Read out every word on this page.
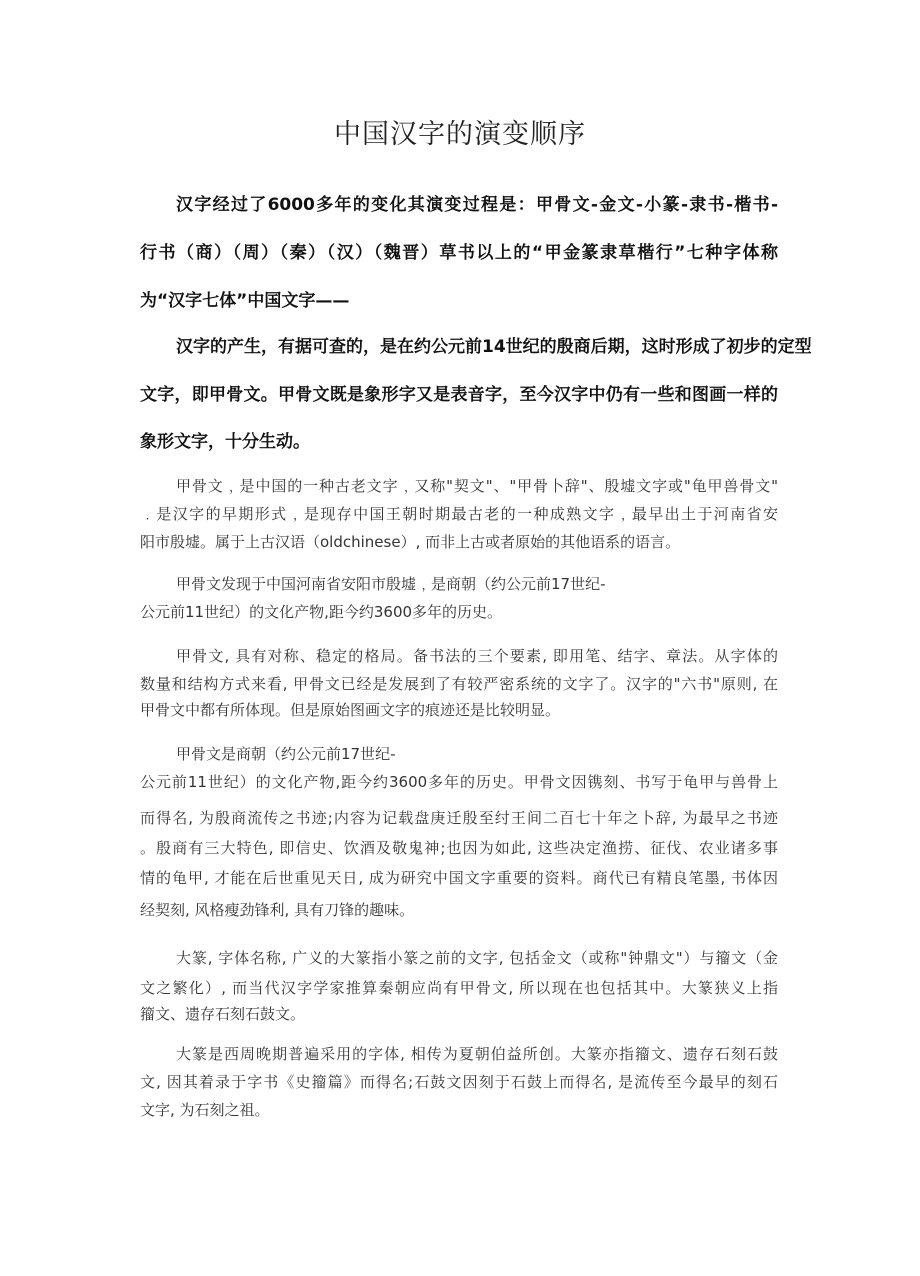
中国汉字的演变顺序
汉字经过了6000多年的变化其演变过程是：甲骨文-金文-小篆-隶书-楷书-
行书（商）（周）（秦）（汉）（魏晋）草书以上的“甲金篆隶草楷行”七种字体称
为“汉字七体”中国文字——
汉字的产生，有据可查的，是在约公元前14世纪的殷商后期，这时形成了初步的定型
文字，即甲骨文。甲骨文既是象形字又是表音字，至今汉字中仍有一些和图画一样的
象形文字，十分生动。
甲骨文﹐是中国的一种古老文字﹐又称"契文"、"甲骨卜辞"、殷墟文字或"龟甲兽骨文"
﹒是汉字的早期形式﹐是现存中国王朝时期最古老的一种成熟文字﹐最早出土于河南省安
阳市殷墟。属于上古汉语（oldchinese）, 而非上古或者原始的其他语系的语言。
甲骨文发现于中国河南省安阳市殷墟﹐是商朝（约公元前17世纪-
公元前11世纪）的文化产物,距今约3600多年的历史。
甲骨文, 具有对称、稳定的格局。备书法的三个要素, 即用笔、结字、章法。从字体的
数量和结构方式来看, 甲骨文已经是发展到了有较严密系统的文字了。汉字的"六书"原则, 在
甲骨文中都有所体现。但是原始图画文字的痕迹还是比较明显。
甲骨文是商朝（约公元前17世纪-
公元前11世纪）的文化产物,距今约3600多年的历史。甲骨文因镌刻、书写于龟甲与兽骨上
而得名, 为殷商流传之书迹;内容为记载盘庚迁殷至纣王间二百七十年之卜辞, 为最早之书迹
。殷商有三大特色, 即信史、饮酒及敬鬼神;也因为如此, 这些决定渔捞、征伐、农业诸多事
情的龟甲, 才能在后世重见天日, 成为研究中国文字重要的资料。商代已有精良笔墨, 书体因
经契刻, 风格瘦劲锋利, 具有刀锋的趣味。
大篆, 字体名称, 广义的大篆指小篆之前的文字, 包括金文（或称"钟鼎文"）与籀文（金
文之繁化）, 而当代汉字学家推算秦朝应尚有甲骨文, 所以现在也包括其中。大篆狭义上指
籀文、遗存石刻石鼓文。
大篆是西周晚期普遍采用的字体, 相传为夏朝伯益所创。大篆亦指籀文、遗存石刻石鼓
文, 因其着录于字书《史籀篇》而得名;石鼓文因刻于石鼓上而得名, 是流传至今最早的刻石
文字, 为石刻之祖。
